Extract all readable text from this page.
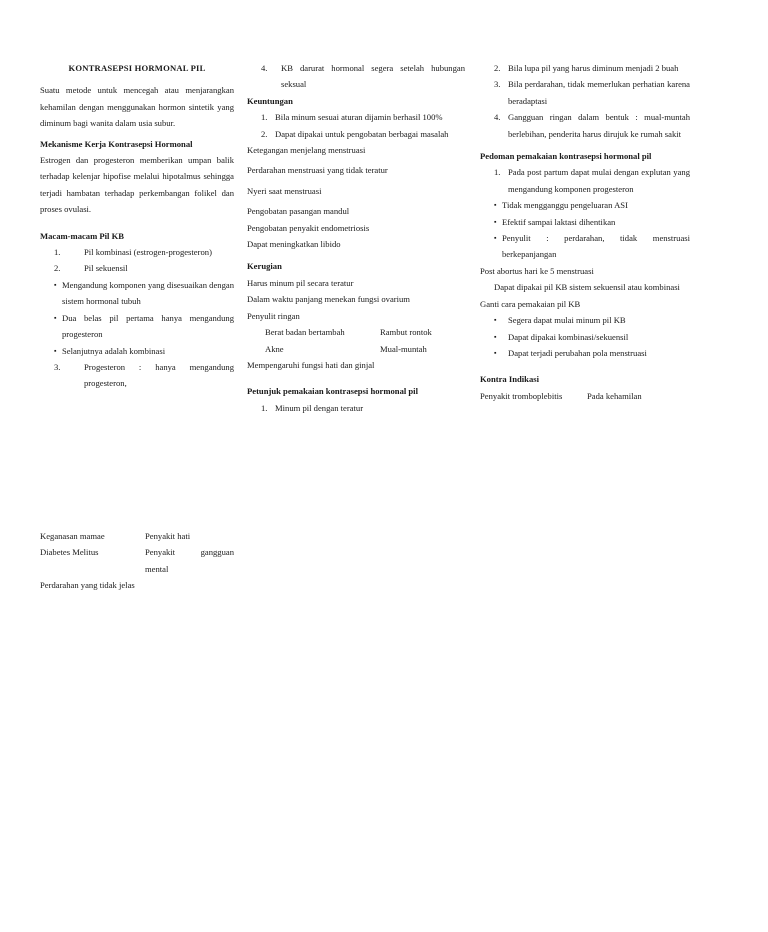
KONTRASEPSI HORMONAL PIL

Suatu metode untuk mencegah atau menjarangkan kehamilan dengan menggunakan hormon sintetik yang diminum bagi wanita dalam usia subur.

Mekanisme Kerja Kontrasepsi Hormonal

Estrogen dan progesteron memberikan umpan balik terhadap kelenjar hipofise melalui hipotalmus sehingga terjadi hambatan terhadap perkembangan folikel dan proses ovulasi.

Macam-macam Pil KB

1.	Pil kombinasi (estrogen-progesteron)
2.	Pil sekuensil
▪ Mengandung komponen yang disesuaikan dengan sistem hormonal tubuh
▪ Dua belas pil pertama hanya mengandung progesteron
▪ Selanjutnya adalah kombinasi
3.	Progesteron : hanya mengandung progesteron,
4.	KB darurat hormonal segera setelah hubungan seksual

Keuntungan

1. Bila minum sesuai aturan dijamin berhasil 100%
2. Dapat dipakai untuk pengobatan berbagai masalah

Ketegangan menjelang menstruasi

Perdarahan menstruasi yang tidak teratur

Nyeri saat menstruasi

Pengobatan pasangan mandul

Pengobatan penyakit endometriosis

Dapat meningkatkan libido

Kerugian

Harus minum pil secara teratur

Dalam waktu panjang menekan fungsi ovarium

Penyulit ringan

Berat badan bertambah	Rambut rontok
Akne	Mual-muntah

Mempengaruhi fungsi hati dan ginjal

Petunjuk pemakaian kontrasepsi hormonal pil

1. Minum pil dengan teratur
2. Bila lupa pil yang harus diminum menjadi 2 buah
3. Bila perdarahan, tidak memerlukan perhatian karena beradaptasi
4. Gangguan ringan dalam bentuk : mual-muntah berlebihan, penderita harus dirujuk ke rumah sakit

Pedoman pemakaian kontrasepsi hormonal pil

1. Pada post partum dapat mulai dengan explutan yang mengandung komponen progesteron
▪ Tidak mengganggu pengeluaran ASI
▪ Efektif sampai laktasi dihentikan
▪ Penyulit : perdarahan, tidak menstruasi berkepanjangan

Post abortus hari ke 5 menstruasi

Dapat dipakai pil KB sistem sekuensil atau kombinasi

Ganti cara pemakaian pil KB

▪	Segera dapat mulai minum pil KB
▪	Dapat dipakai kombinasi/sekuensil
▪	Dapat terjadi perubahan pola menstruasi

Kontra Indikasi

Penyakit tromboplebitis	Pada kehamilan
Keganasan mamae	Penyakit hati
Diabetes Melitus	Penyakit gangguan mental

Perdarahan yang tidak jelas
